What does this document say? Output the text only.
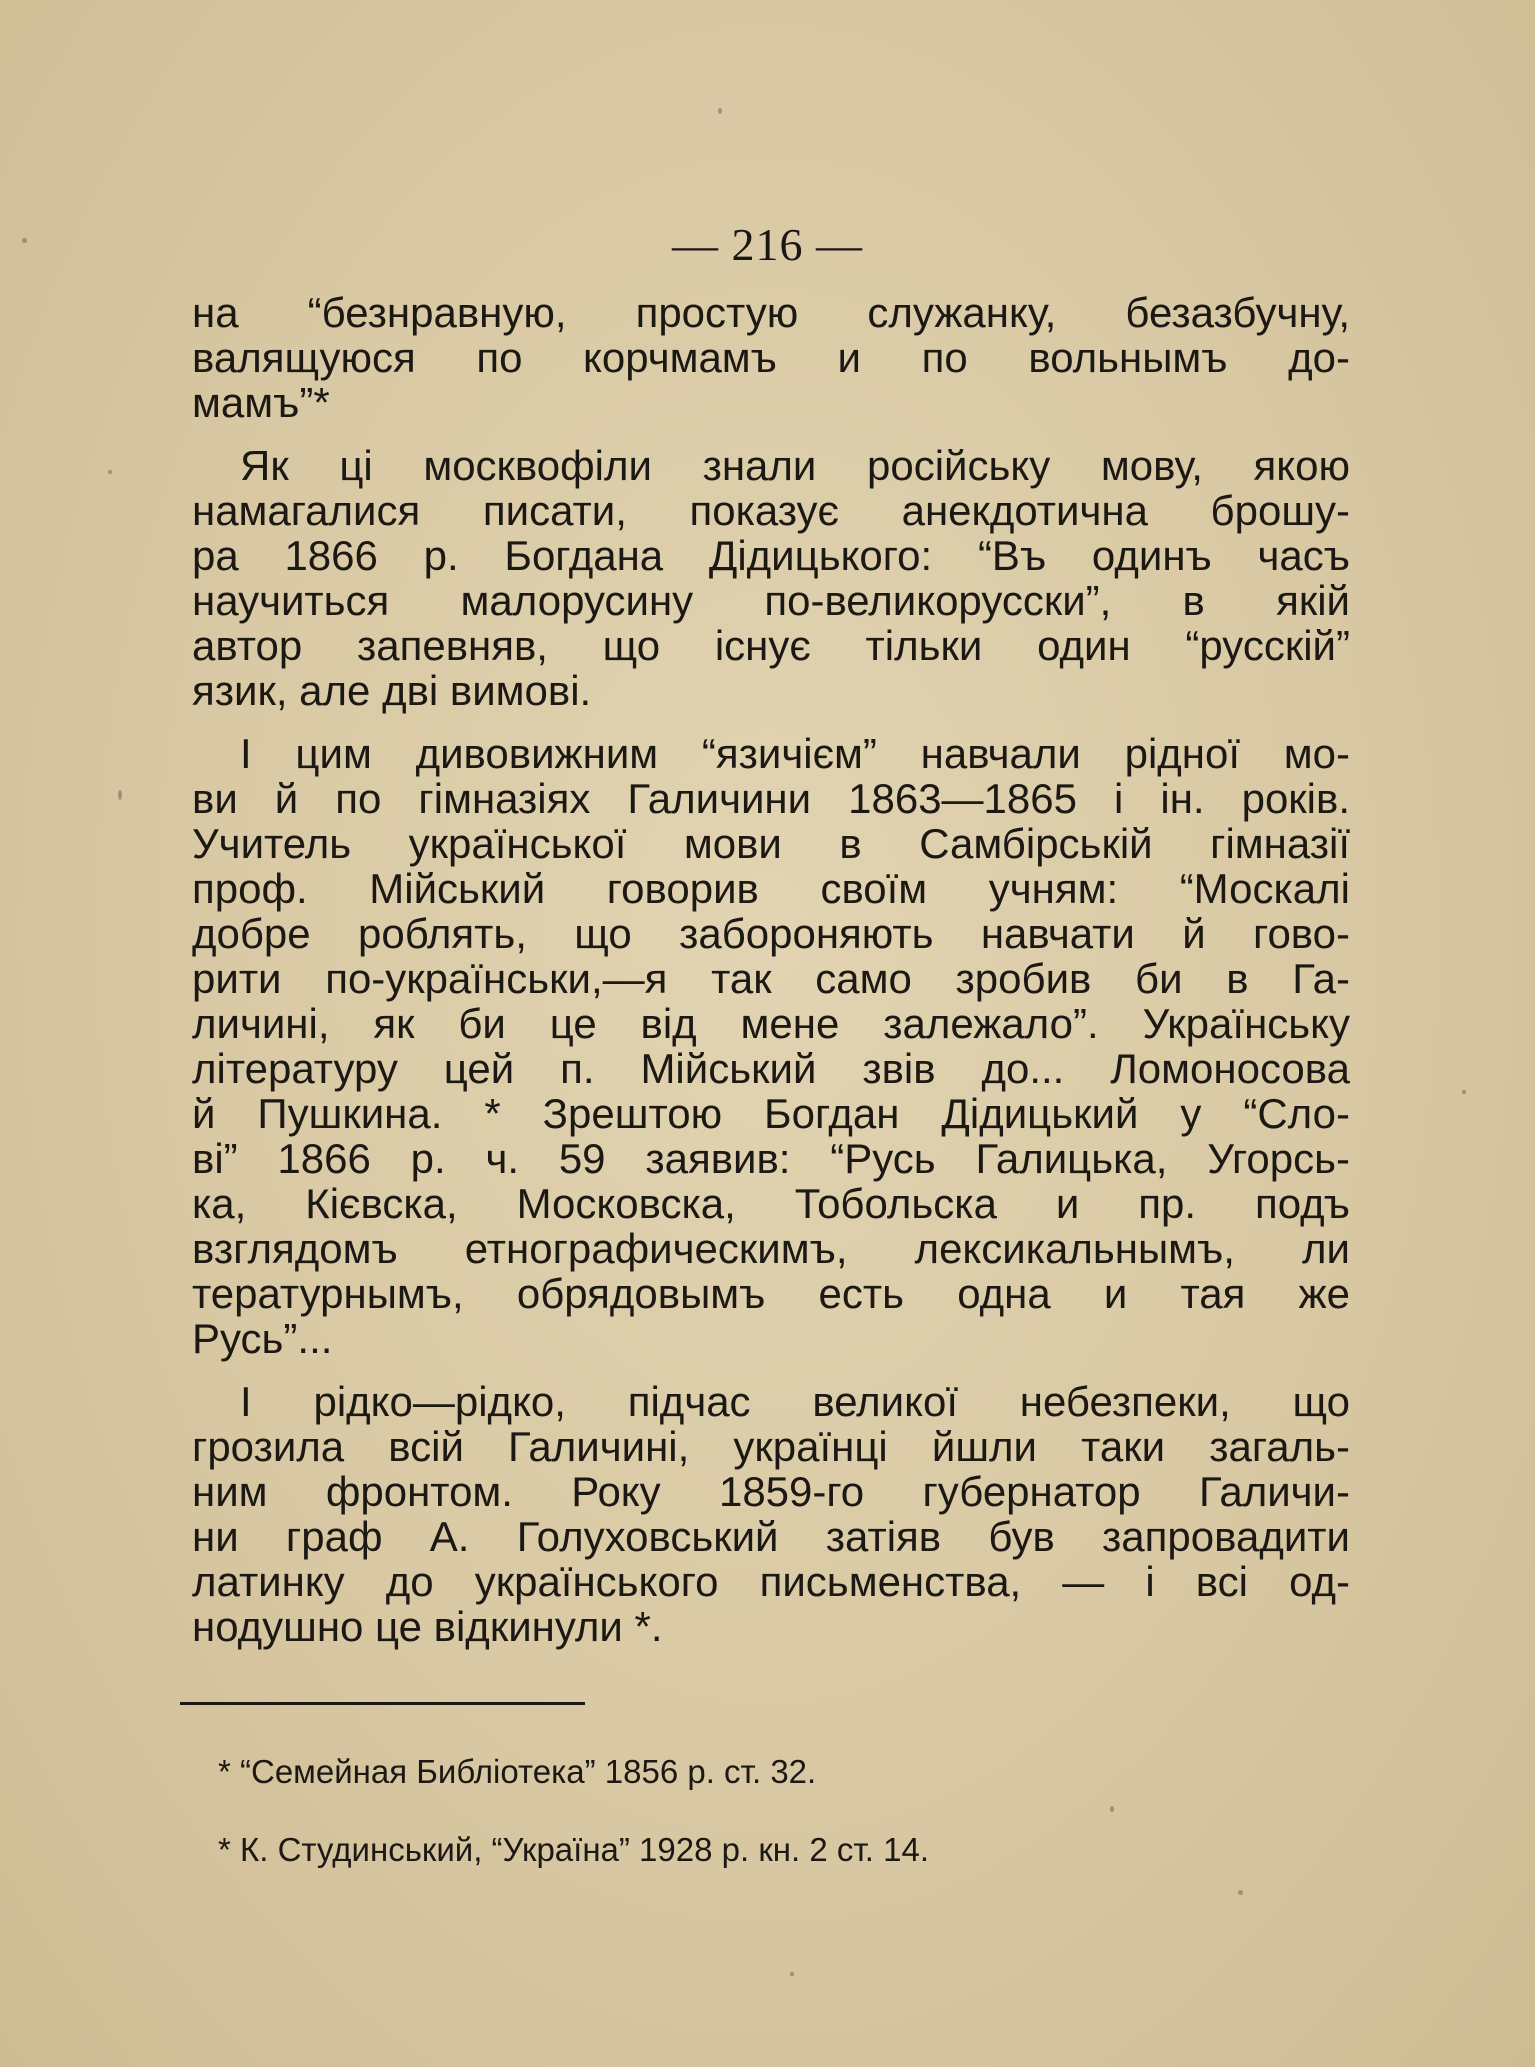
— 216 —
на “безнравную, простую служанку, безазбучну,
валящуюся по корчмамъ и по вольнымъ до-
мамъ”*
Як ці москвофіли знали російську мову, якою
намагалися писати, показує анекдотична брошу-
ра 1866 р. Богдана Дідицького: “Въ одинъ часъ
научиться малорусину по-великорусски”, в якій
автор запевняв, що існує тільки один “русскій”
язик, але дві вимові.
І цим дивовижним “язичієм” навчали рідної мо-
ви й по гімназіях Галичини 1863—1865 і ін. років.
Учитель української мови в Самбірській гімназії
проф. Мійський говорив своїм учням: “Москалі
добре роблять, що забороняють навчати й гово-
рити по-українськи,—я так само зробив би в Га-
личині, як би це від мене залежало”. Українську
літературу цей п. Мійський звів до... Ломоносова
й Пушкина. * Зрештою Богдан Дідицький у “Сло-
ві” 1866 р. ч. 59 заявив: “Русь Галицька, Угорсь-
ка, Кієвска, Московска, Тобольска и пр. подъ
взглядомъ етнографическимъ, лексикальнымъ, ли
тературнымъ, обрядовымъ есть одна и тая же
Русь”...
І рідко—рідко, підчас великої небезпеки, що
грозила всій Галичині, українці йшли таки загаль-
ним фронтом. Року 1859-го губернатор Галичи-
ни граф А. Голуховський затіяв був запровадити
латинку до українського письменства, — і всі од-
нодушно це відкинули *.
* “Семейная Библіотека” 1856 р. ст. 32.
* К. Студинський, “Україна” 1928 р. кн. 2 ст. 14.
